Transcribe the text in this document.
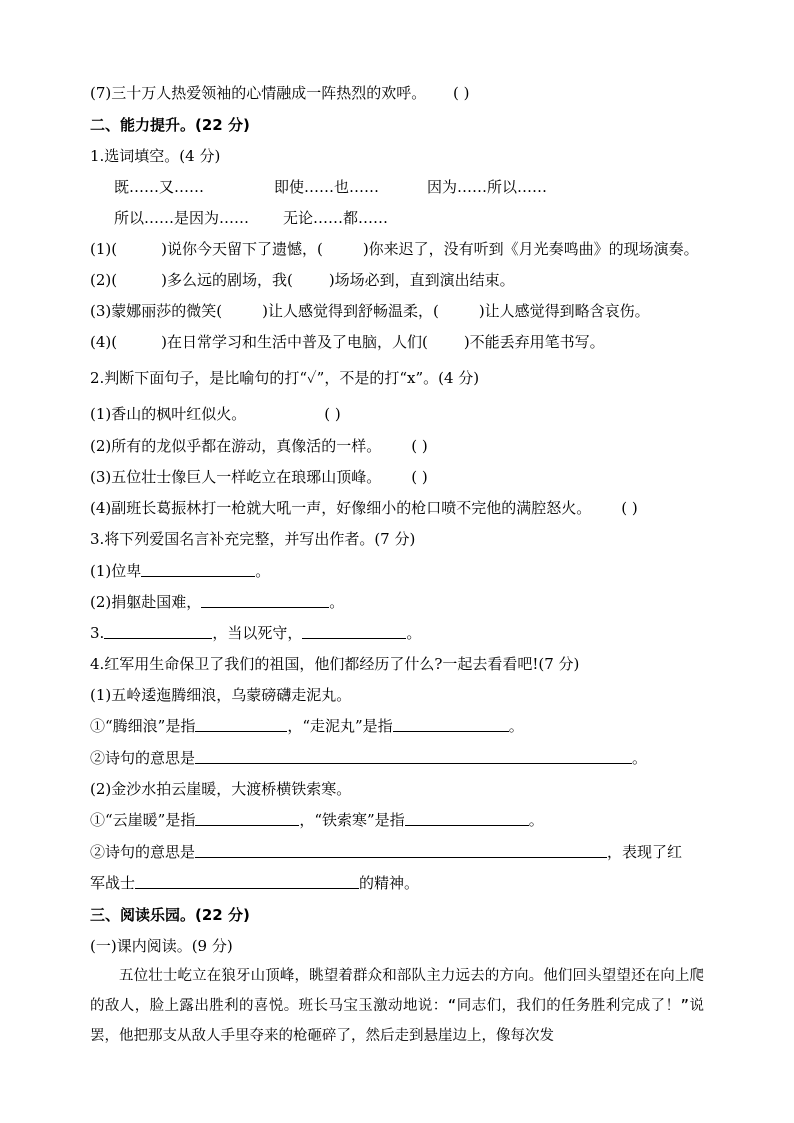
(7)三十万人热爱领袖的心情融成一阵热烈的欢呼。 ( )
二、能力提升。(22 分)
1.选词填空。(4 分)
既……又……	即使……也……	因为……所以……
所以……是因为…… 无论……都……
(1)(	)说你今天留下了遗憾，(	)你来迟了，没有听到《月光奏鸣曲》的现场演奏。
(2)(	)多么远的剧场，我( )场场必到，直到演出结束。
(3)蒙娜丽莎的微笑(	)让人感觉得到舒畅温柔，(	)让人感觉得到略含哀伤。
(4)(	)在日常学习和生活中普及了电脑，人们( )不能丢弃用笔书写。
2.判断下面句子，是比喻句的打“✓”，不是的打“x”。(4 分)
(1)香山的枫叶红似火。	( )
(2)所有的龙似乎都在游动，真像活的一样。 ( )
(3)五位壮士像巨人一样屹立在琅琊山顶峰。 ( )
(4)副班长葛振林打一枪就大吼一声，好像细小的枪口喷不完他的满腔怒火。 ( )
3.将下列爱国名言补充完整，并写出作者。(7 分)
(1)位卑	。
(2)捐躯赴国难，	。
3.	，当以死守，	。
4.红军用生命保卫了我们的祖国，他们都经历了什么?一起去看看吧!(7 分)
(1)五岭逶迤腾细浪，乌蒙磅礴走泥丸。
①“腾细浪”是指	，“走泥丸”是指	。
②诗句的意思是	。
(2)金沙水拍云崖暖，大渡桥横铁索寒。
①“云崖暖”是指	，“铁索寒”是指	。
②诗句的意思是	，表现了红
军战士	的精神。
三、阅读乐园。(22 分)
(一)课内阅读。(9 分)
五位壮士屹立在狼牙山顶峰，眺望着群众和部队主力远去的方向。他们回头望望还在向上爬的敌人，脸上露出胜利的喜悦。班长马宝玉激动地说：“同志们，我们的任务胜利完成了！”说罢，他把那支从敌人手里夺来的枪砸碎了，然后走到悬崖边上，像每次发
